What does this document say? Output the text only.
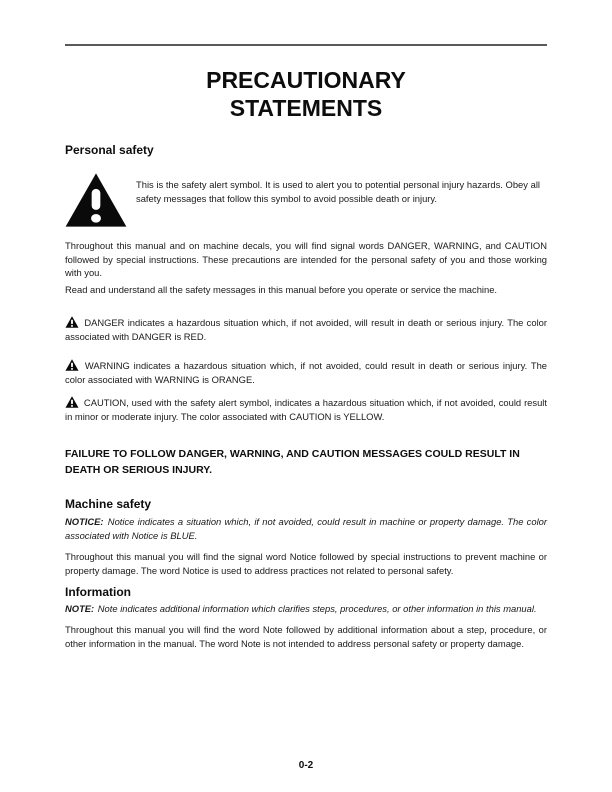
PRECAUTIONARY
STATEMENTS
Personal safety

This is the safety alert symbol. It is used to alert you to potential personal injury hazards. Obey all safety messages that follow this symbol to avoid possible death or injury.

Throughout this manual and on machine decals, you will find signal words DANGER, WARNING, and CAUTION followed by special instructions. These precautions are intended for the personal safety of you and those working with you.

Read and understand all the safety messages in this manual before you operate or service the machine.

DANGER indicates a hazardous situation which, if not avoided, will result in death or serious injury. The color associated with DANGER is RED.

WARNING indicates a hazardous situation which, if not avoided, could result in death or serious injury. The color associated with WARNING is ORANGE.

CAUTION, used with the safety alert symbol, indicates a hazardous situation which, if not avoided, could result in minor or moderate injury. The color associated with CAUTION is YELLOW.

FAILURE TO FOLLOW DANGER, WARNING, AND CAUTION MESSAGES COULD RESULT IN DEATH OR SERIOUS INJURY.

Machine safety

NOTICE: Notice indicates a situation which, if not avoided, could result in machine or property damage. The color associated with Notice is BLUE.

Throughout this manual you will find the signal word Notice followed by special instructions to prevent machine or property damage. The word Notice is used to address practices not related to personal safety.

Information

NOTE: Note indicates additional information which clarifies steps, procedures, or other information in this manual.

Throughout this manual you will find the word Note followed by additional information about a step, procedure, or other information in the manual. The word Note is not intended to address personal safety or property damage.

0-2
